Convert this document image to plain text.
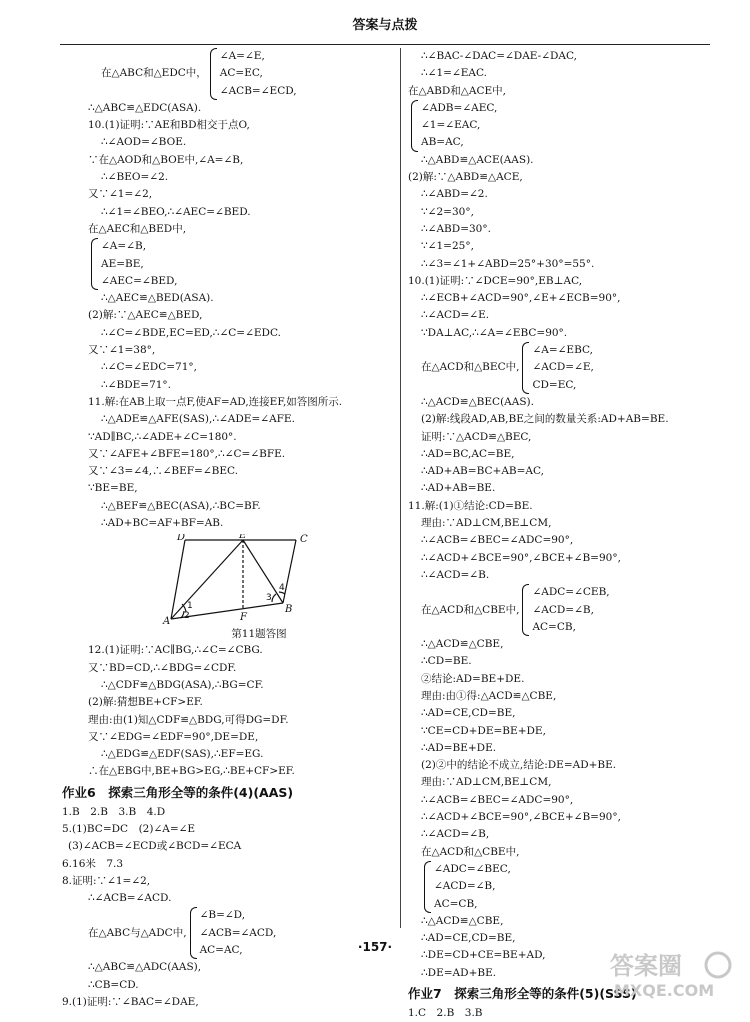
答案与点拨
在△ABC和△EDC中，
∠A=∠E,
AC=EC,
∠ACB=∠ECD,
∴△ABC≌△EDC(ASA).
10.(1)证明:∵AE和BD相交于点O,
∴∠AOD=∠BOE.
∵在△AOD和△BOE中,∠A=∠B,
∴∠BEO=∠2.
又∵∠1=∠2,
∴∠1=∠BEO,∴∠AEC=∠BED.
在△AEC和△BED中,
∠A=∠B,
AE=BE,
∠AEC=∠BED,
∴△AEC≌△BED(ASA).
(2)解:∵△AEC≌△BED,
∴∠C=∠BDE,EC=ED,∴∠C=∠EDC.
又∵∠1=38°,
∴∠C=∠EDC=71°,
∴∠BDE=71°.
11.解:在AB上取一点F,使AF=AD,连接EF,如答图所示.
∴△ADE≌△AFE(SAS),∴∠ADE=∠AFE.
∵AD∥BC,∴∠ADE+∠C=180°.
又∵∠AFE+∠BFE=180°,∴∠C=∠BFE.
又∵∠3=∠4,∴∠BEF=∠BEC.
∵BE=BE,
∴△BEF≌△BEC(ASA),∴BC=BF.
∴AD+BC=AF+BF=AB.
D	E	C
A	F
B
1
2
3
4
第11题答图
12.(1)证明:∵AC∥BG,∴∠C=∠CBG.
又∵BD=CD,∴∠BDG=∠CDF.
∴△CDF≌△BDG(ASA),∴BG=CF.
(2)解:猜想BE+CF>EF.
理由:由(1)知△CDF≌△BDG,可得DG=DF.
又∵∠EDG=∠EDF=90°,DE=DE,
∴△EDG≌△EDF(SAS),∴EF=EG.
∴在△EBG中,BE+BG>EG,∴BE+CF>EF.
作业6　探索三角形全等的条件(4)(AAS)
1.B　2.B　3.B　4.D
5.(1)BC=DC　(2)∠A=∠E
(3)∠ACB=∠ECD或∠BCD=∠ECA
6.16米　7.3
8.证明:∵∠1=∠2,
∴∠ACB=∠ACD.
在△ABC与△ADC中,
∠B=∠D,
∠ACB=∠ACD,
AC=AC,
∴△ABC≌△ADC(AAS),
∴CB=CD.
9.(1)证明:∵∠BAC=∠DAE,
∴∠BAC-∠DAC=∠DAE-∠DAC,
∴∠1=∠EAC.
在△ABD和△ACE中,
∠ADB=∠AEC,
∠1=∠EAC,
AB=AC,
∴△ABD≌△ACE(AAS).
(2)解:∵△ABD≌△ACE,
∴∠ABD=∠2.
∵∠2=30°,
∴∠ABD=30°.
∵∠1=25°,
∴∠3=∠1+∠ABD=25°+30°=55°.
10.(1)证明:∵∠DCE=90°,EB⊥AC,
∴∠ECB+∠ACD=90°,∠E+∠ECB=90°,
∴∠ACD=∠E.
∵DA⊥AC,∴∠A=∠EBC=90°.
在△ACD和△BEC中,
∠A=∠EBC,
∠ACD=∠E,
CD=EC,
∴△ACD≌△BEC(AAS).
(2)解:线段AD,AB,BE之间的数量关系:AD+AB=BE.
证明:∵△ACD≌△BEC,
∴AD=BC,AC=BE,
∴AD+AB=BC+AB=AC,
∴AD+AB=BE.
11.解:(1)①结论:CD=BE.
理由:∵AD⊥CM,BE⊥CM,
∴∠ACB=∠BEC=∠ADC=90°,
∴∠ACD+∠BCE=90°,∠BCE+∠B=90°,
∴∠ACD=∠B.
在△ACD和△CBE中,
∠ADC=∠CEB,
∠ACD=∠B,
AC=CB,
∴△ACD≌△CBE,
∴CD=BE.
②结论:AD=BE+DE.
理由:由①得:△ACD≌△CBE,
∴AD=CE,CD=BE,
∵CE=CD+DE=BE+DE,
∴AD=BE+DE.
(2)②中的结论不成立,结论:DE=AD+BE.
理由:∵AD⊥CM,BE⊥CM,
∴∠ACB=∠BEC=∠ADC=90°,
∴∠ACD+∠BCE=90°,∠BCE+∠B=90°,
∴∠ACD=∠B,
在△ACD和△CBE中,
∠ADC=∠BEC,
∠ACD=∠B,
AC=CB,
∴△ACD≌△CBE,
∴AD=CE,CD=BE,
∴DE=CD+CE=BE+AD,
∴DE=AD+BE.
作业7　探索三角形全等的条件(5)(SSS)
1.C　2.B　3.B
·157·
答案圈
MXQE.COM
